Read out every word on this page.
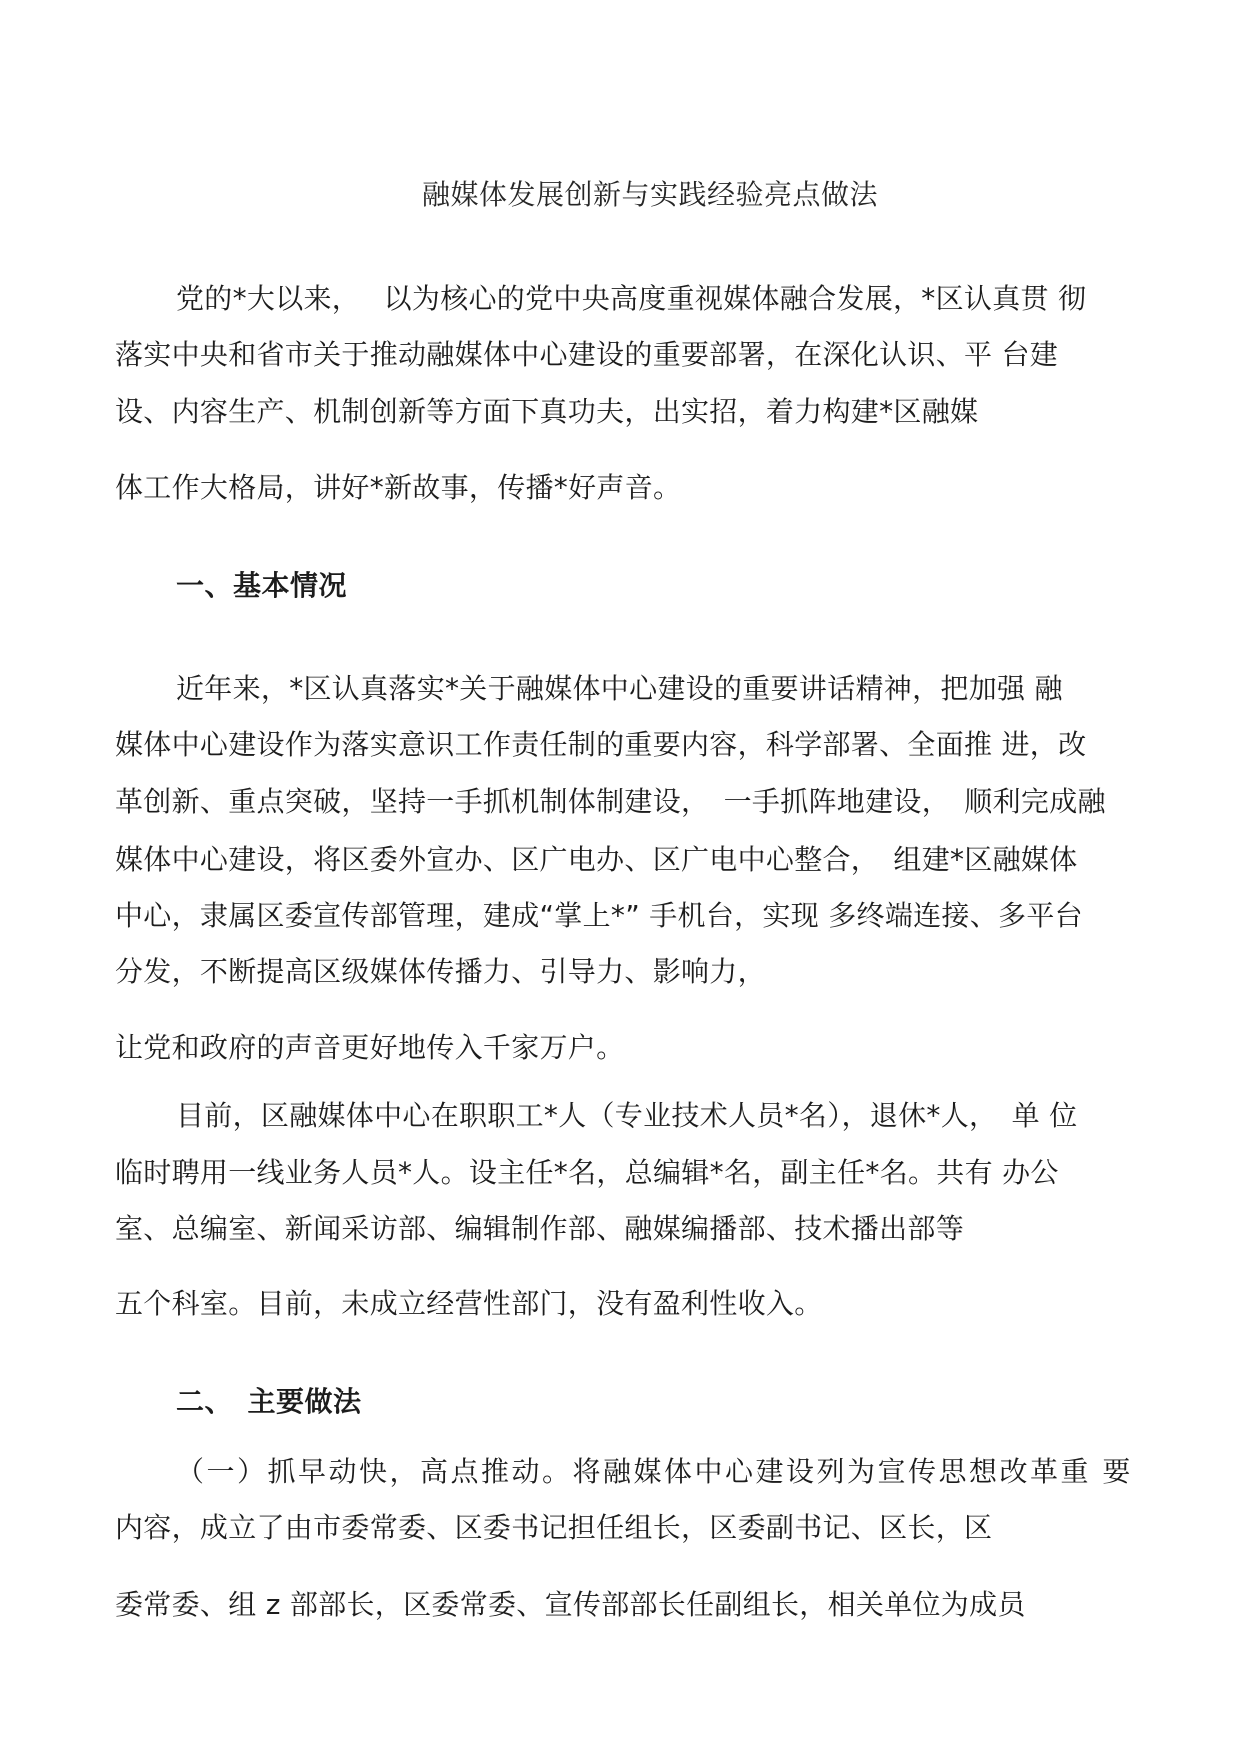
融媒体发展创新与实践经验亮点做法
党的*大以来，　 以为核心的党中央高度重视媒体融合发展，*区认真贯 彻
落实中央和省市关于推动融媒体中心建设的重要部署，在深化认识、平 台建
设、内容生产、机制创新等方面下真功夫，出实招，着力构建*区融媒
体工作大格局，讲好*新故事，传播*好声音。
一、基本情况
近年来，*区认真落实*关于融媒体中心建设的重要讲话精神，把加强 融
媒体中心建设作为落实意识工作责任制的重要内容，科学部署、全面推 进，改
革创新、重点突破，坚持一手抓机制体制建设，　一手抓阵地建设，　顺利完成融
媒体中心建设，将区委外宣办、区广电办、区广电中心整合，　组建*区融媒体
中心，隶属区委宣传部管理，建成“掌上*” 手机台，实现 多终端连接、多平台
分发，不断提高区级媒体传播力、引导力、影响力，
让党和政府的声音更好地传入千家万户。
目前，区融媒体中心在职职工*人（专业技术人员*名），退休*人，　单 位
临时聘用一线业务人员*人。设主任*名，总编辑*名，副主任*名。共有 办公
室、总编室、新闻采访部、编辑制作部、融媒编播部、技术播出部等
五个科室。目前，未成立经营性部门，没有盈利性收入。
二、　主要做法
（一）抓早动快，高点推动。将融媒体中心建设列为宣传思想改革重 要
内容，成立了由市委常委、区委书记担任组长，区委副书记、区长，区
委常委、组 z 部部长，区委常委、宣传部部长任副组长，相关单位为成员
